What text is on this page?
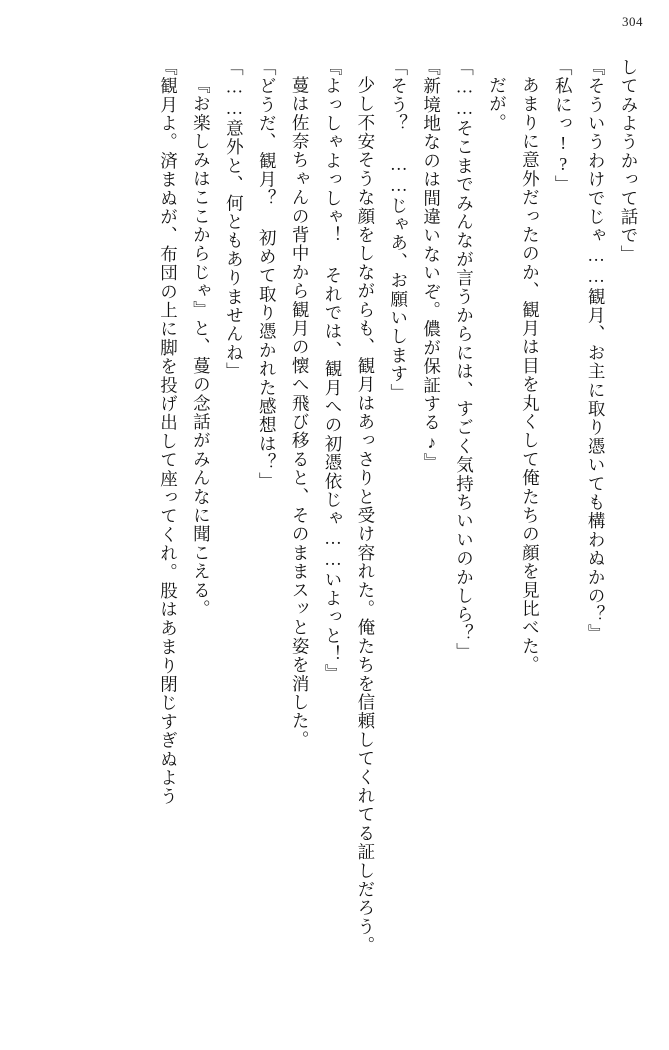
304

してみようかって話で」

『そういうわけでじゃ……観月、お主に取り憑いても構わぬかの？』

「私にっ!?」

あまりに意外だったのか、観月は目を丸くして俺たちの顔を見比べた。

だが。

「……そこまでみんなが言うからには、すごく気持ちいいのかしら？」

『新境地なのは間違いないぞ。儂が保証する♪』

「そう？ ……じゃあ、お願いします」

少し不安そうな顔をしながらも、観月はあっさりと受け容れた。俺たちを信頼してくれてる証しだろう。

『よっしゃよっしゃ！ それでは、観月への初憑依じゃ……いよっと！』

蔓は佐奈ちゃんの背中から観月の懐へ飛び移ると、そのままスッと姿を消した。

「どうだ、観月？ 初めて取り憑かれた感想は？」

「……意外と、何ともありませんね」

『お楽しみはここからじゃ』と、蔓の念話がみんなに聞こえる。

『観月よ。済まぬが、布団の上に脚を投げ出して座ってくれ。股はあまり閉じすぎぬよう
